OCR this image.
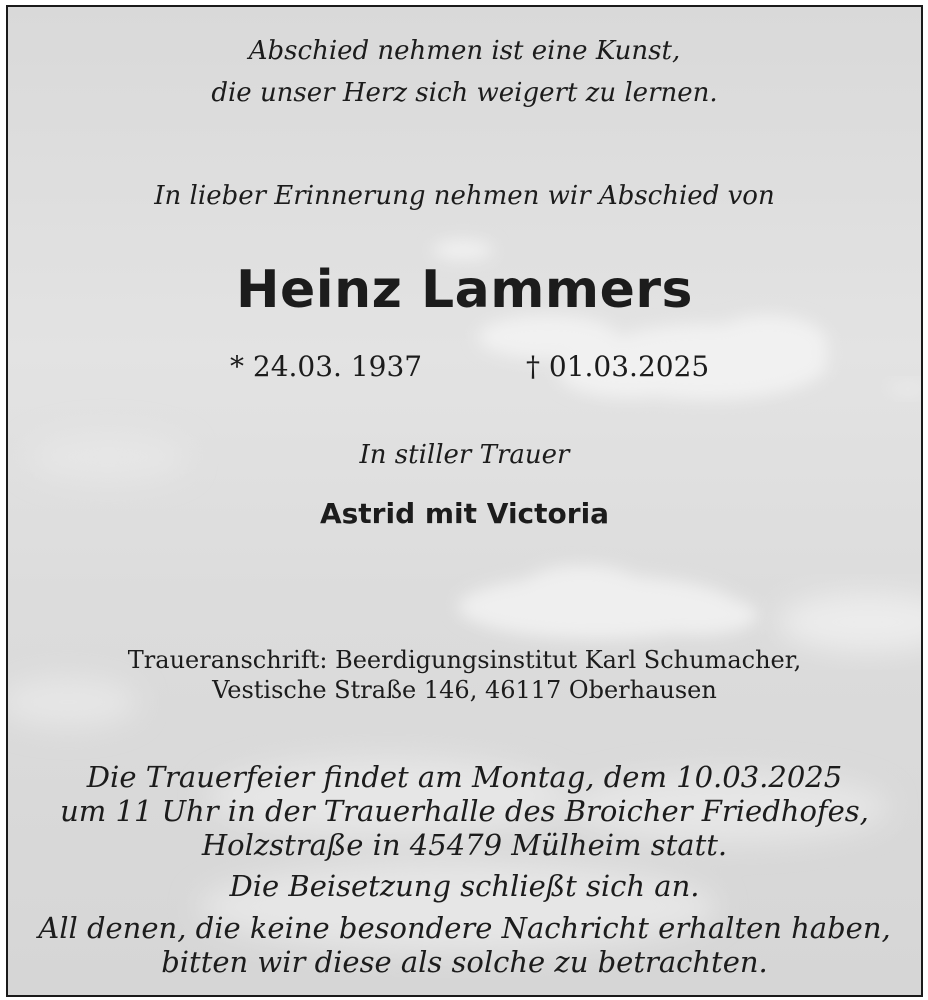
Abschied nehmen ist eine Kunst,

die unser Herz sich weigert zu lernen.

In lieber Erinnerung nehmen wir Abschied von

Heinz Lammers

* 24.03. 1937	† 01.03.2025

In stiller Trauer

Astrid mit Victoria

Traueranschrift: Beerdigungsinstitut Karl Schumacher,

Vestische Straße 146, 46117 Oberhausen

Die Trauerfeier findet am Montag, dem 10.03.2025

um 11 Uhr in der Trauerhalle des Broicher Friedhofes,

Holzstraße in 45479 Mülheim statt.

Die Beisetzung schließt sich an.

All denen, die keine besondere Nachricht erhalten haben,

bitten wir diese als solche zu betrachten.
